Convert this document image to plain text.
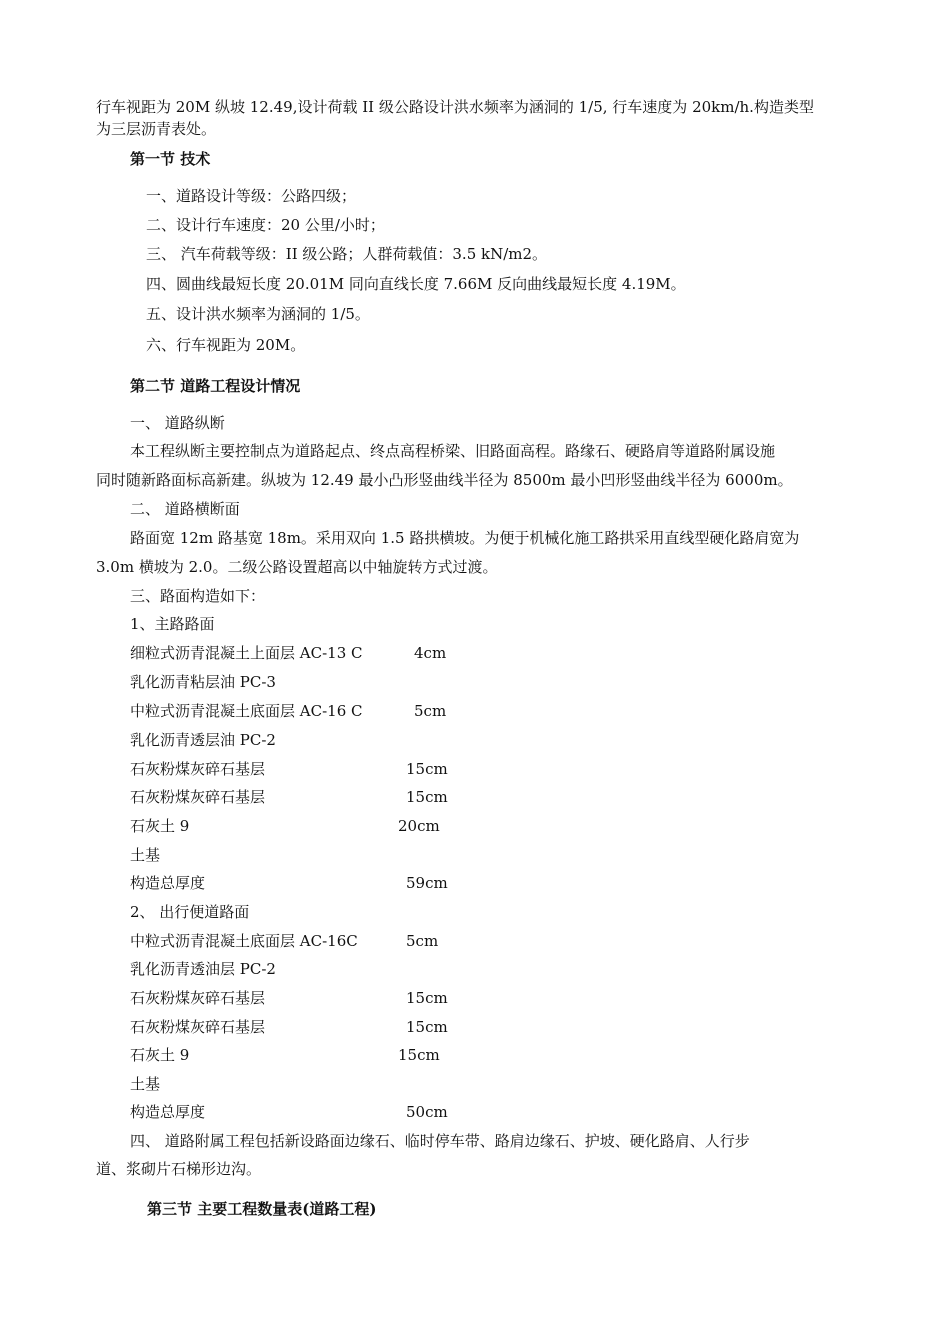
行车视距为 20M 纵坡 12.49,设计荷载 II 级公路设计洪水频率为涵洞的 1/5, 行车速度为 20km/h.构造类型
为三层沥青表处。
第一节 技术
一、道路设计等级：公路四级；
二、设计行车速度：20 公里/小时；
三、 汽车荷载等级：II 级公路；人群荷载值：3.5 kN/m2。
四、圆曲线最短长度 20.01M 同向直线长度 7.66M 反向曲线最短长度 4.19M。
五、设计洪水频率为涵洞的 1/5。
六、行车视距为 20M。
第二节 道路工程设计情况
一、 道路纵断
本工程纵断主要控制点为道路起点、终点高程桥梁、旧路面高程。路缘石、硬路肩等道路附属设施
同时随新路面标高新建。纵坡为 12.49 最小凸形竖曲线半径为 8500m 最小凹形竖曲线半径为 6000m。
二、 道路横断面
路面宽 12m 路基宽 18m。采用双向 1.5 路拱横坡。为便于机械化施工路拱采用直线型硬化路肩宽为
3.0m 横坡为 2.0。二级公路设置超高以中轴旋转方式过渡。
三、路面构造如下：
1、主路路面
细粒式沥青混凝土上面层 AC-13 C	4cm
乳化沥青粘层油 PC-3
中粒式沥青混凝土底面层 AC-16 C	5cm
乳化沥青透层油 PC-2
石灰粉煤灰碎石基层	15cm
石灰粉煤灰碎石基层	15cm
石灰土 9	20cm
土基
构造总厚度	59cm
2、 出行便道路面
中粒式沥青混凝土底面层 AC-16C	5cm
乳化沥青透油层 PC-2
石灰粉煤灰碎石基层	15cm
石灰粉煤灰碎石基层	15cm
石灰土 9	15cm
土基
构造总厚度	50cm
四、 道路附属工程包括新设路面边缘石、临时停车带、路肩边缘石、护坡、硬化路肩、人行步
道、浆砌片石梯形边沟。
第三节 主要工程数量表(道路工程)
